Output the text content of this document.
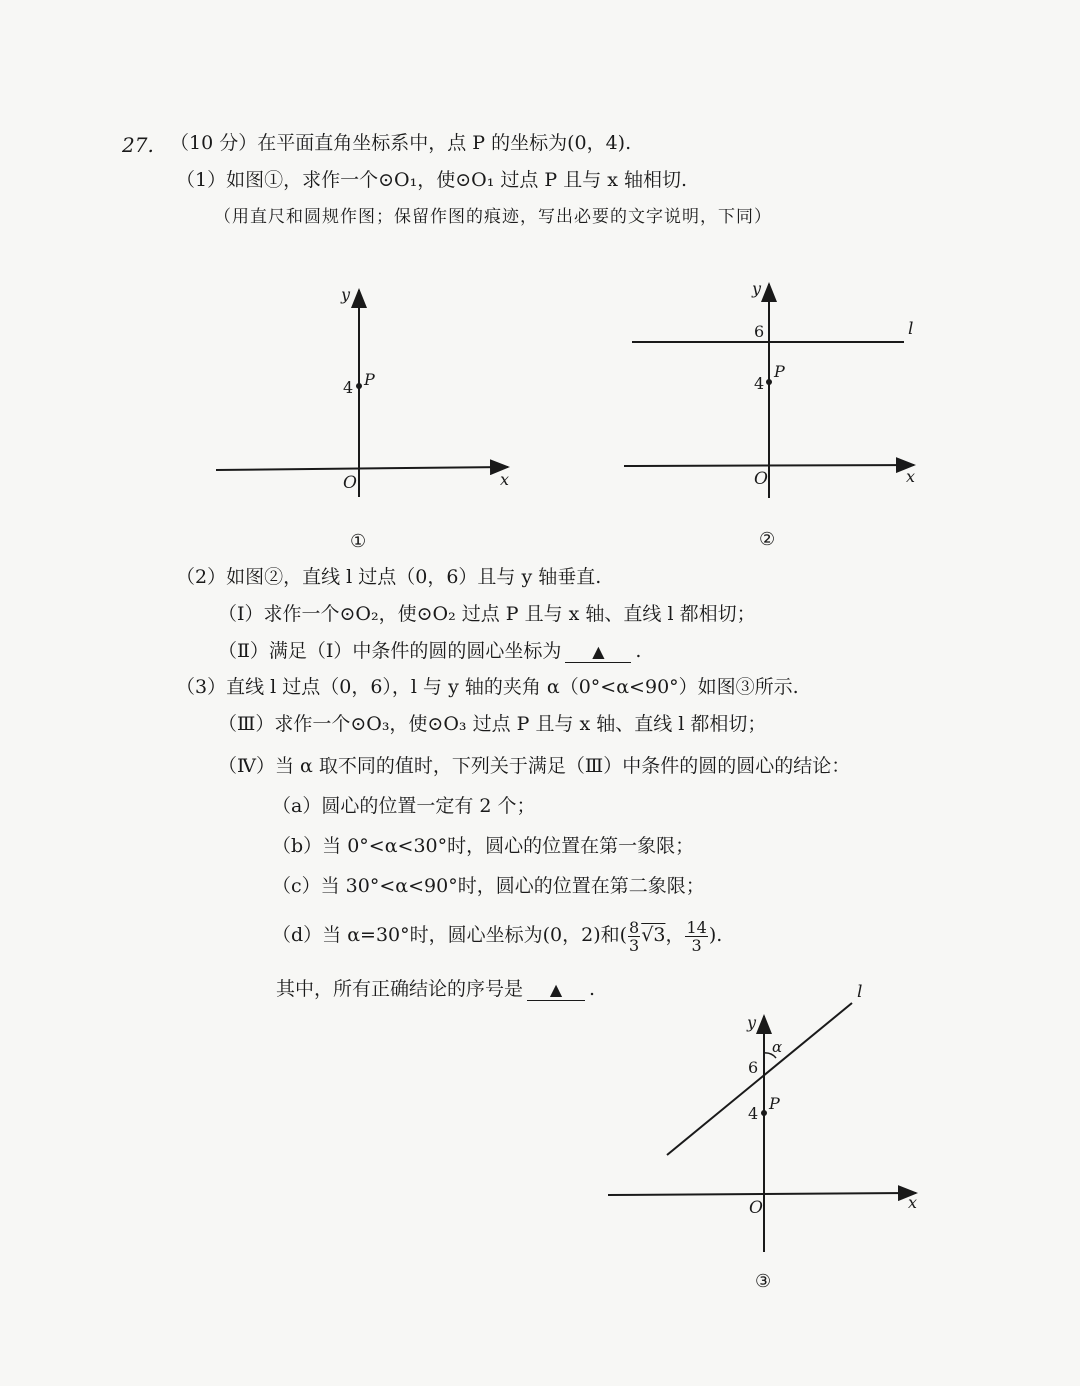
27. （10 分）在平面直角坐标系中，点 P 的坐标为(0，4).
（1）如图①，求作一个⊙O₁，使⊙O₁ 过点 P 且与 x 轴相切.
（用直尺和圆规作图；保留作图的痕迹，写出必要的文字说明，下同）
y
x
O
4 P
①
y
x
O
6
4
P
l
②
y
x
O
6
4
P
α
l
③
（2）如图②，直线 l 过点（0，6）且与 y 轴垂直.
（Ⅰ）求作一个⊙O₂，使⊙O₂ 过点 P 且与 x 轴、直线 l 都相切；
（Ⅱ）满足（Ⅰ）中条件的圆的圆心坐标为 ▲ .
（3）直线 l 过点（0，6），l 与 y 轴的夹角 α（0°<α<90°）如图③所示.
（Ⅲ）求作一个⊙O₃，使⊙O₃ 过点 P 且与 x 轴、直线 l 都相切；
（Ⅳ）当 α 取不同的值时，下列关于满足（Ⅲ）中条件的圆的圆心的结论：
（a）圆心的位置一定有 2 个；
（b）当 0°<α<30°时，圆心的位置在第一象限；
（c）当 30°<α<90°时，圆心的位置在第二象限；
（d）当 α=30°时，圆心坐标为(0，2)和( $\frac{8}{3} √3$， $\frac{14}{3}$ ).
其中，所有正确结论的序号是 ▲ .
